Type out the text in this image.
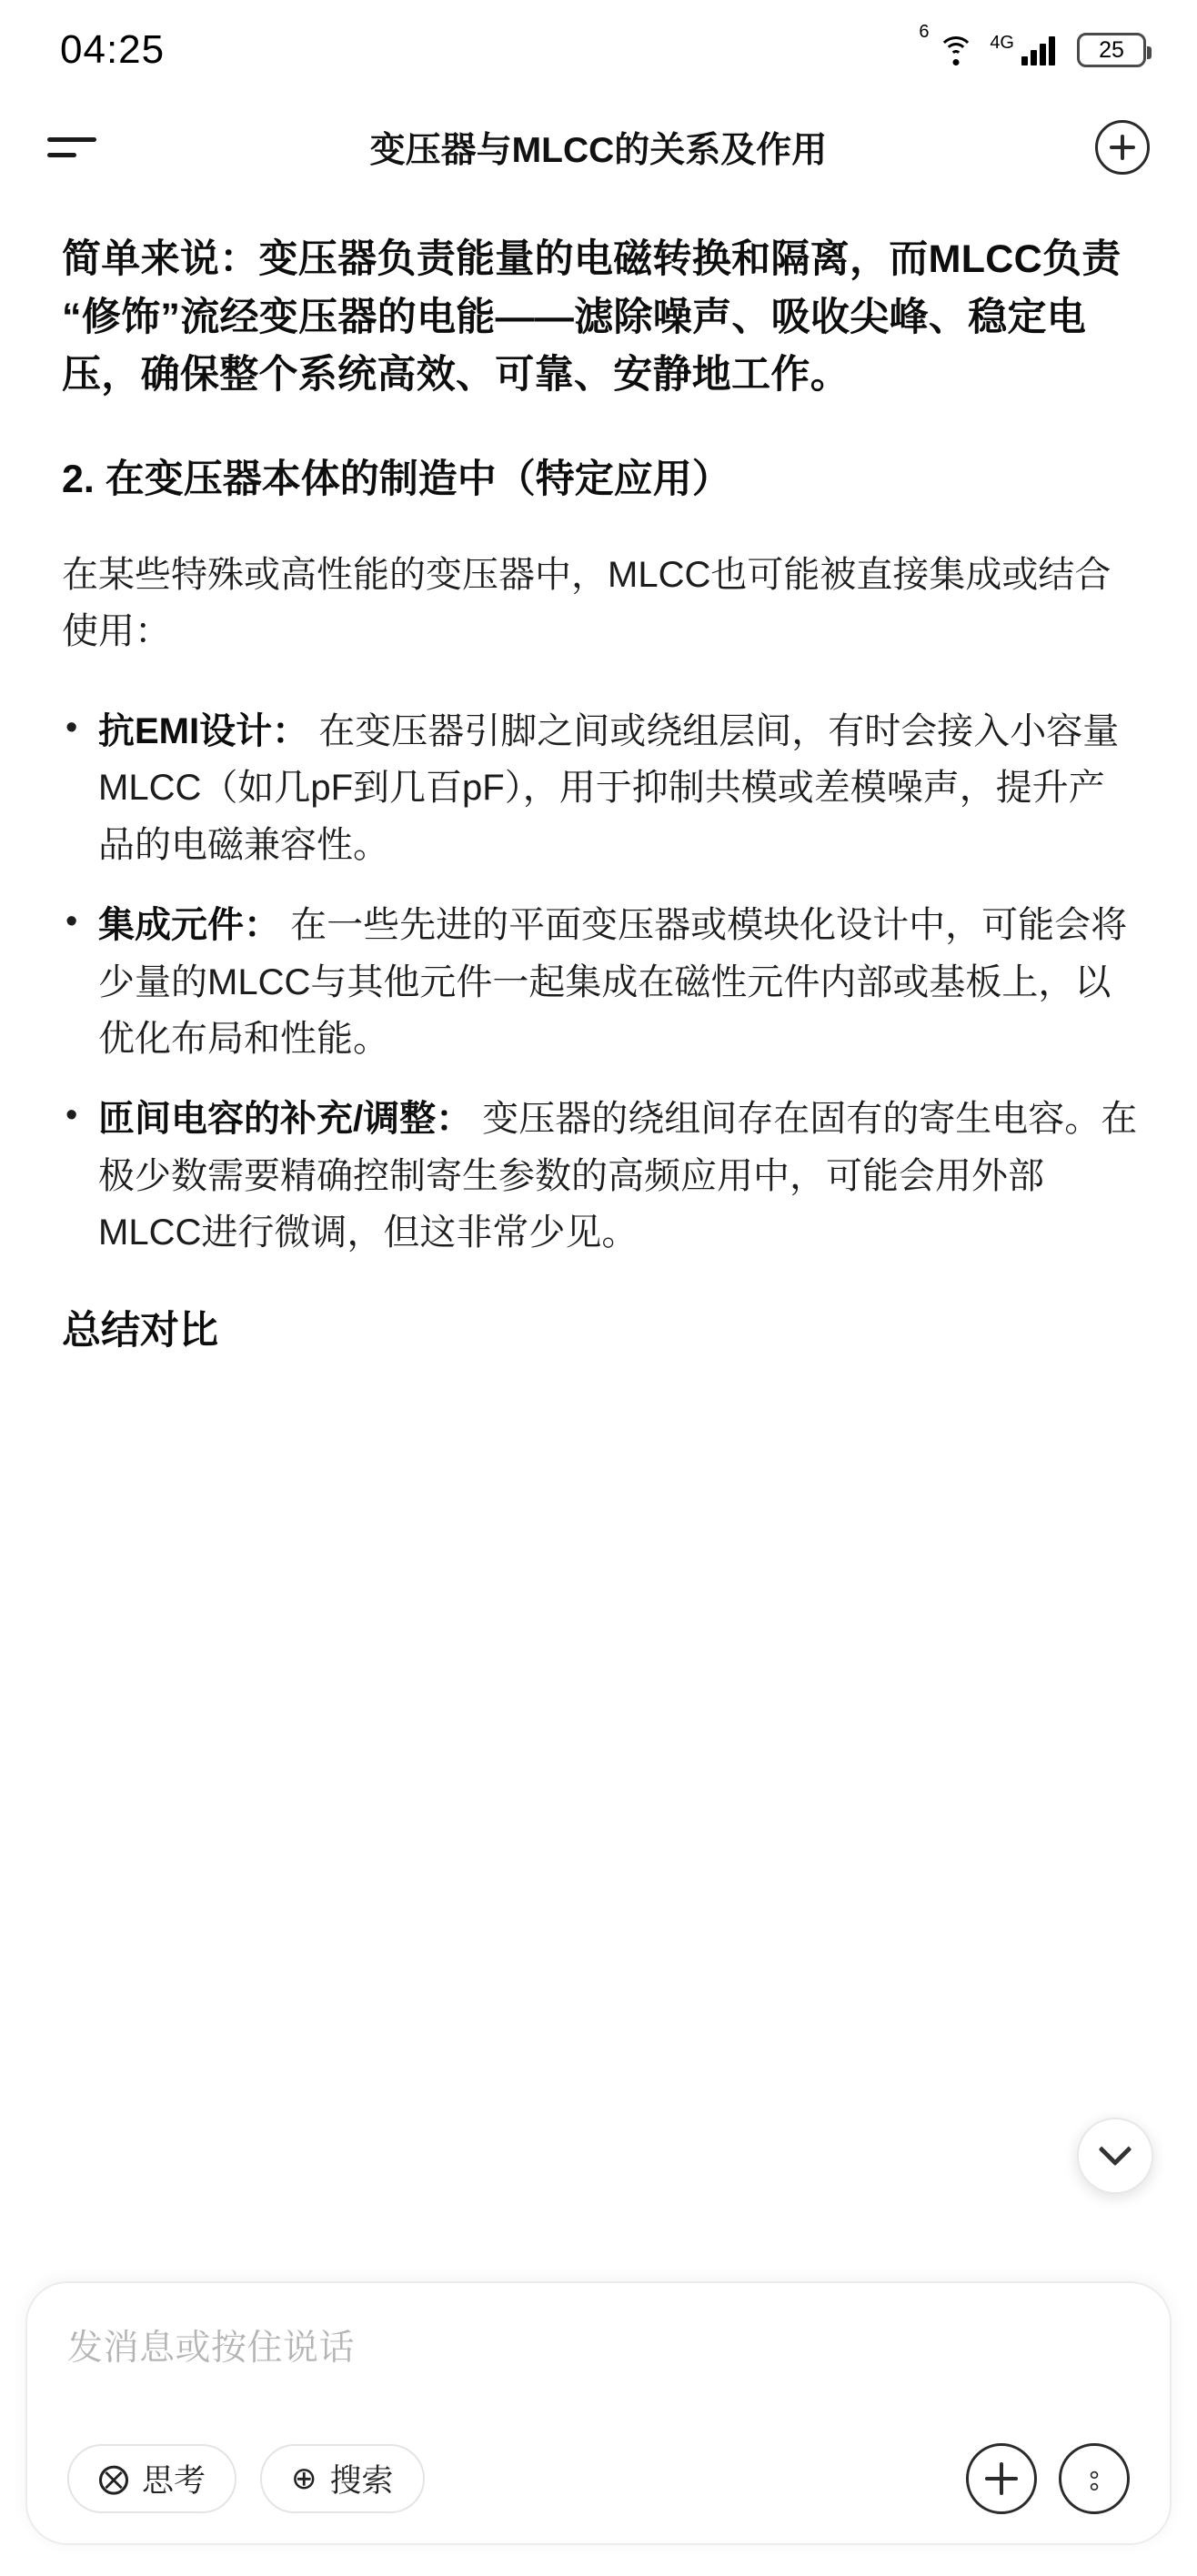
04:25	6
4G	25
变压器与MLCC的关系及作用

简单来说：变压器负责能量的电磁转换和隔离，而MLCC负责“修饰”流经变压器的电能——滤除噪声、吸收尖峰、稳定电压，确保整个系统高效、可靠、安静地工作。

2. 在变压器本体的制造中（特定应用）

在某些特殊或高性能的变压器中，MLCC也可能被直接集成或结合使用：

• 抗EMI设计： 在变压器引脚之间或绕组层间，有时会接入小容量MLCC（如几pF到几百pF），用于抑制共模或差模噪声，提升产品的电磁兼容性。
• 集成元件： 在一些先进的平面变压器或模块化设计中，可能会将少量的MLCC与其他元件一起集成在磁性元件内部或基板上，以优化布局和性能。
• 匝间电容的补充/调整： 变压器的绕组间存在固有的寄生电容。在极少数需要精确控制寄生参数的高频应用中，可能会用外部MLCC进行微调，但这非常少见。
总结对比
发消息或按住说话
⨂ 思考	⊕ 搜索	⦂
